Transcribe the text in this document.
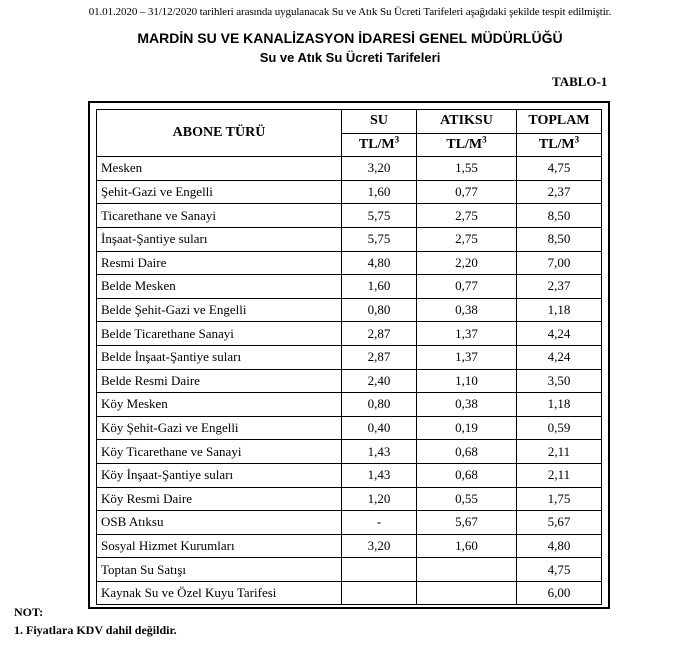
01.01.2020 – 31/12/2020 tarihleri arasında uygulanacak Su ve Atık Su Ücreti Tarifeleri aşağıdaki şekilde tespit edilmiştir.
MARDİN SU VE KANALİZASYON İDARESİ GENEL MÜDÜRLÜĞÜ
Su ve Atık Su Ücreti Tarifeleri
TABLO-1
ABONE TÜRÜ	SU	ATIKSU	TOPLAM
	$TL/M^3$	$TL/M^3$	$TL/M^3$
Mesken	3,20	1,55	4,75
Şehit-Gazi ve Engelli	1,60	0,77	2,37
Ticarethane ve Sanayi	5,75	2,75	8,50
İnşaat-Şantiye suları	5,75	2,75	8,50
Resmi Daire	4,80	2,20	7,00
Belde Mesken	1,60	0,77	2,37
Belde Şehit-Gazi ve Engelli	0,80	0,38	1,18
Belde Ticarethane Sanayi	2,87	1,37	4,24
Belde İnşaat-Şantiye suları	2,87	1,37	4,24
Belde Resmi Daire	2,40	1,10	3,50
Köy Mesken	0,80	0,38	1,18
Köy Şehit-Gazi ve Engelli	0,40	0,19	0,59
Köy Ticarethane ve Sanayi	1,43	0,68	2,11
Köy İnşaat-Şantiye suları	1,43	0,68	2,11
Köy Resmi Daire	1,20	0,55	1,75
OSB Atıksu	-	5,67	5,67
Sosyal Hizmet Kurumları	3,20	1,60	4,80
Toptan Su Satışı			4,75
Kaynak Su ve Özel Kuyu Tarifesi			6,00
NOT:
1. Fiyatlara KDV dahil değildir.
